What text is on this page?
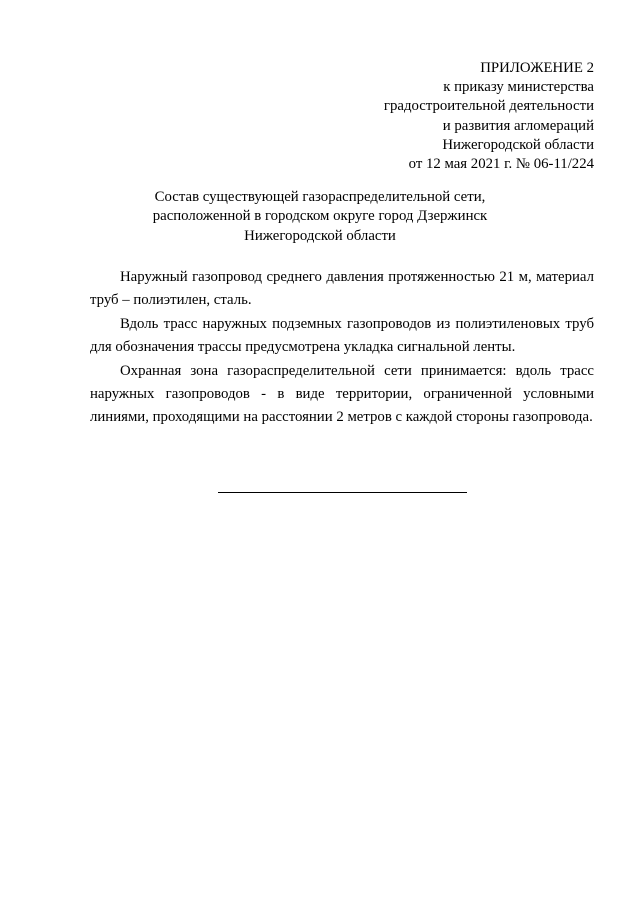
ПРИЛОЖЕНИЕ 2
к приказу министерства
градостроительной деятельности
и развития агломераций
Нижегородской области
от 12 мая 2021 г. № 06-11/224
Состав существующей газораспределительной сети,
расположенной в городском округе город Дзержинск
Нижегородской области

Наружный газопровод среднего давления протяженностью 21 м, материал труб – полиэтилен, сталь.

Вдоль трасс наружных подземных газопроводов из полиэтиленовых труб для обозначения трассы предусмотрена укладка сигнальной ленты.

Охранная зона газораспределительной сети принимается: вдоль трасс наружных газопроводов - в виде территории, ограниченной условными линиями, проходящими на расстоянии 2 метров с каждой стороны газопровода.
